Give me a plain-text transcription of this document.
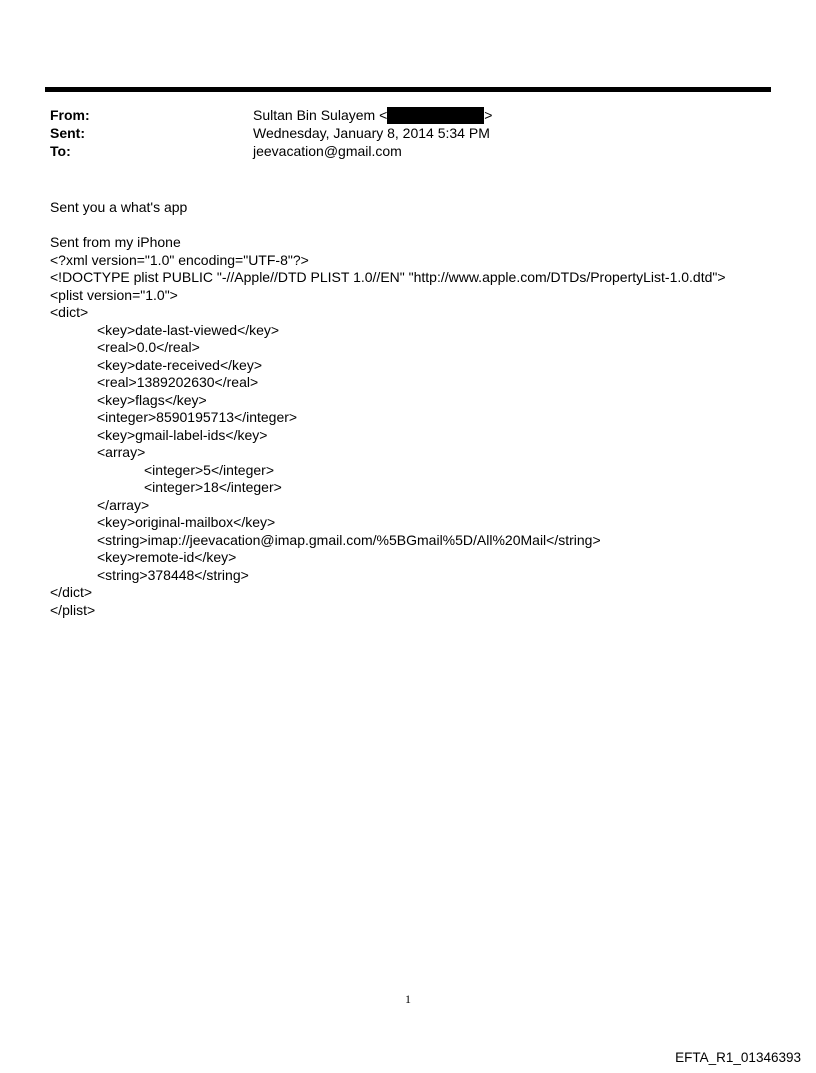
From:	Sultan Bin Sulayem <	>
Sent:	Wednesday, January 8, 2014 5:34 PM
To:	jeevacation@gmail.com
Sent you a what's app
Sent from my iPhone
<?xml version="1.0" encoding="UTF-8"?>
<!DOCTYPE plist PUBLIC "-//Apple//DTD PLIST 1.0//EN" "http://www.apple.com/DTDs/PropertyList-1.0.dtd">
<plist version="1.0">
<dict>
<key>date-last-viewed</key>
<real>0.0</real>
<key>date-received</key>
<real>1389202630</real>
<key>flags</key>
<integer>8590195713</integer>
<key>gmail-label-ids</key>
<array>
<integer>5</integer>
<integer>18</integer>
</array>
<key>original-mailbox</key>
<string>imap://jeevacation@imap.gmail.com/%5BGmail%5D/All%20Mail</string>
<key>remote-id</key>
<string>378448</string>
</dict>
</plist>
1
EFTA_R1_01346393
